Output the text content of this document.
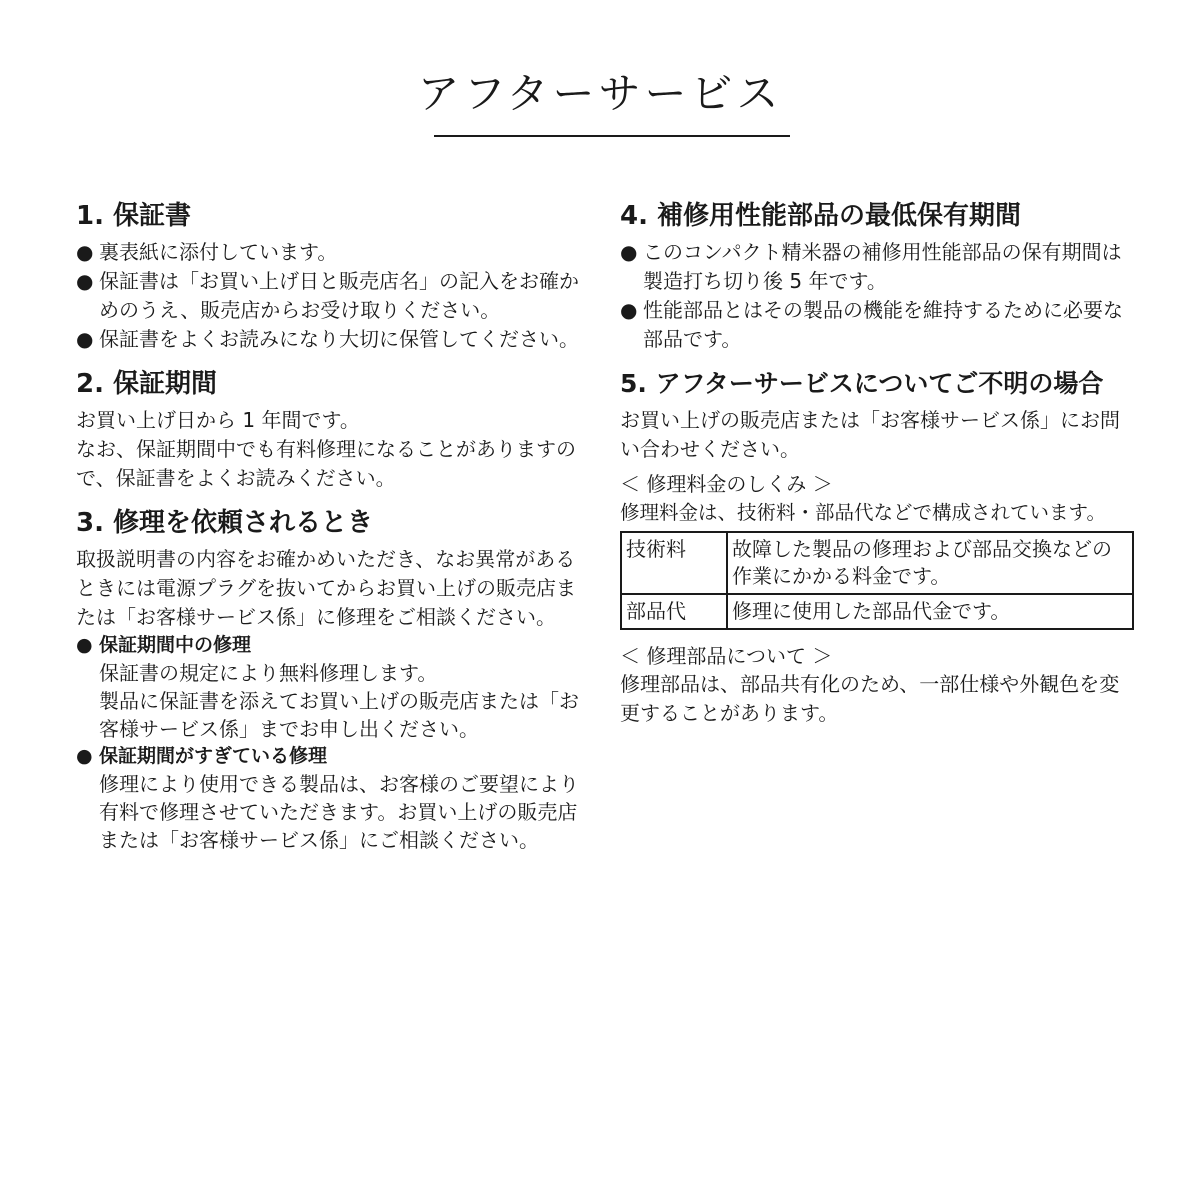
アフターサービス
1. 保証書
● 裏表紙に添付しています。
● 保証書は「お買い上げ日と販売店名」の記入をお確かめのうえ、販売店からお受け取りください。
● 保証書をよくお読みになり大切に保管してください。
2. 保証期間

お買い上げ日から 1 年間です。

なお、保証期間中でも有料修理になることがありますので、保証書をよくお読みください。

3. 修理を依頼されるとき

取扱説明書の内容をお確かめいただき、なお異常があるときには電源プラグを抜いてからお買い上げの販売店または「お客様サービス係」に修理をご相談ください。

● 保証期間中の修理
保証書の規定により無料修理します。
製品に保証書を添えてお買い上げの販売店または「お客様サービス係」までお申し出ください。
● 保証期間がすぎている修理
修理により使用できる製品は、お客様のご要望により有料で修理させていただきます。お買い上げの販売店または「お客様サービス係」にご相談ください。
4. 補修用性能部品の最低保有期間
● このコンパクト精米器の補修用性能部品の保有期間は製造打ち切り後 5 年です。
● 性能部品とはその製品の機能を維持するために必要な部品です。
5. アフターサービスについてご不明の場合

お買い上げの販売店または「お客様サービス係」にお問い合わせください。

＜ 修理料金のしくみ ＞
修理料金は、技術料・部品代などで構成されています。
技術料	故障した製品の修理および部品交換などの作業にかかる料金です。
部品代	修理に使用した部品代金です。
＜ 修理部品について ＞

修理部品は、部品共有化のため、一部仕様や外観色を変更することがあります。
